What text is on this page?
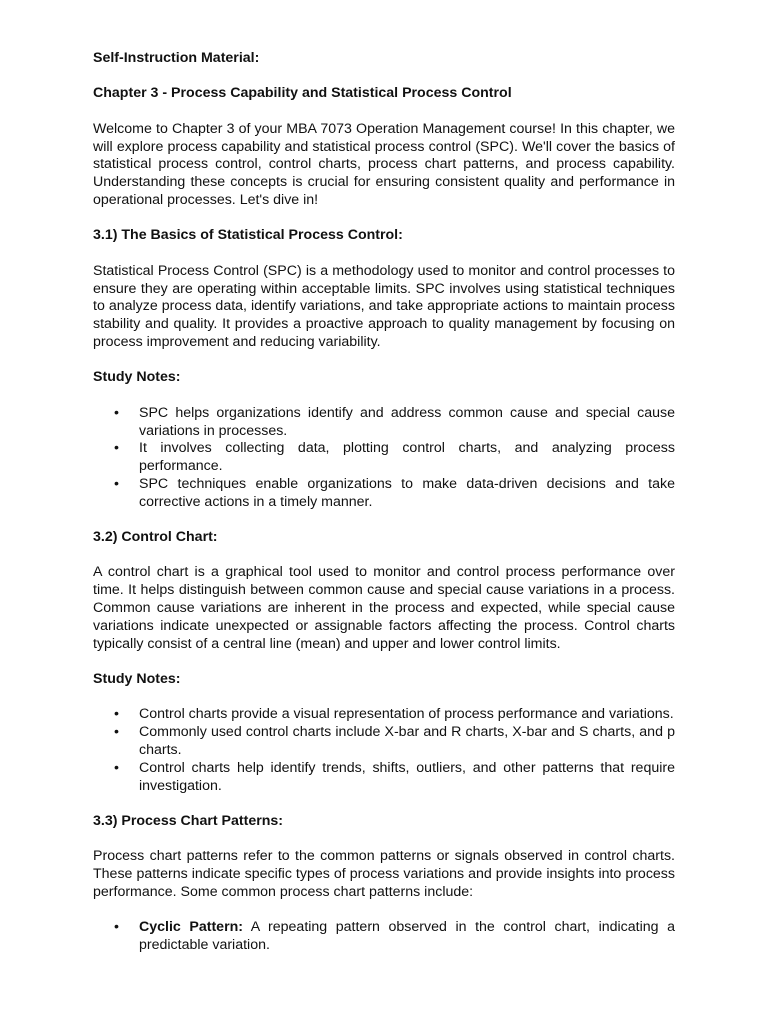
Self-Instruction Material:

Chapter 3 - Process Capability and Statistical Process Control

Welcome to Chapter 3 of your MBA 7073 Operation Management course! In this chapter, we will explore process capability and statistical process control (SPC). We'll cover the basics of statistical process control, control charts, process chart patterns, and process capability. Understanding these concepts is crucial for ensuring consistent quality and performance in operational processes. Let's dive in!

3.1) The Basics of Statistical Process Control:

Statistical Process Control (SPC) is a methodology used to monitor and control processes to ensure they are operating within acceptable limits. SPC involves using statistical techniques to analyze process data, identify variations, and take appropriate actions to maintain process stability and quality. It provides a proactive approach to quality management by focusing on process improvement and reducing variability.

Study Notes:

• SPC helps organizations identify and address common cause and special cause variations in processes.
• It involves collecting data, plotting control charts, and analyzing process performance.
• SPC techniques enable organizations to make data-driven decisions and take corrective actions in a timely manner.

3.2) Control Chart:

A control chart is a graphical tool used to monitor and control process performance over time. It helps distinguish between common cause and special cause variations in a process. Common cause variations are inherent in the process and expected, while special cause variations indicate unexpected or assignable factors affecting the process. Control charts typically consist of a central line (mean) and upper and lower control limits.

Study Notes:

• Control charts provide a visual representation of process performance and variations.
• Commonly used control charts include X-bar and R charts, X-bar and S charts, and p charts.
• Control charts help identify trends, shifts, outliers, and other patterns that require investigation.

3.3) Process Chart Patterns:

Process chart patterns refer to the common patterns or signals observed in control charts. These patterns indicate specific types of process variations and provide insights into process performance. Some common process chart patterns include:

• Cyclic Pattern: A repeating pattern observed in the control chart, indicating a predictable variation.
